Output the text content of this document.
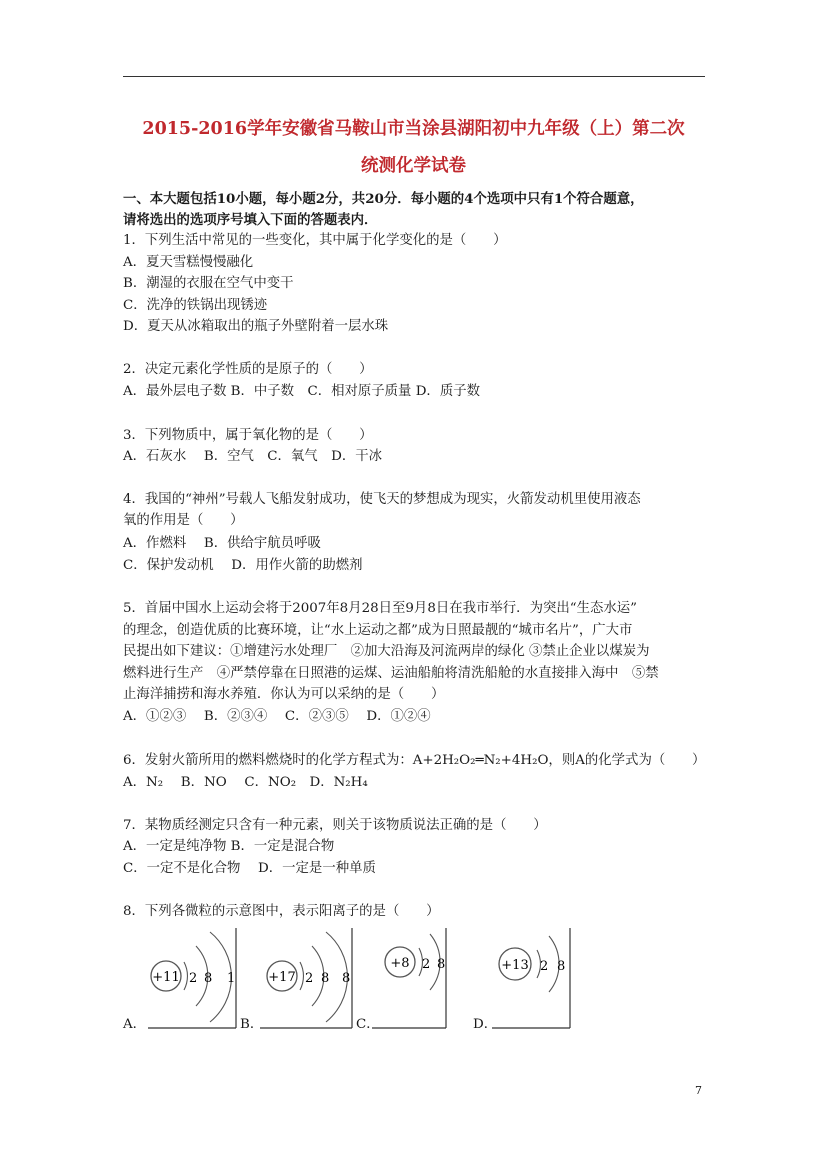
2015-2016学年安徽省马鞍山市当涂县湖阳初中九年级（上）第二次
统测化学试卷
一、本大题包括10小题，每小题2分，共20分．每小题的4个选项中只有1个符合题意，
请将选出的选项序号填入下面的答题表内．
1．下列生活中常见的一些变化，其中属于化学变化的是（　　）
A．夏天雪糕慢慢融化
B．潮湿的衣服在空气中变干
C．洗净的铁锅出现锈迹
D．夏天从冰箱取出的瓶子外壁附着一层水珠
2．决定元素化学性质的是原子的（　　）
A．最外层电子数 B．中子数　C．相对原子质量 D．质子数
3．下列物质中，属于氧化物的是（　　）
A．石灰水　 B．空气　C．氧气　D．干冰
4．我国的“神州”号载人飞船发射成功，使飞天的梦想成为现实，火箭发动机里使用液态
氧的作用是（　　）
A．作燃料　 B．供给宇航员呼吸
C．保护发动机　 D．用作火箭的助燃剂
5．首届中国水上运动会将于2007年8月28日至9月8日在我市举行．为突出“生态水运”
的理念，创造优质的比赛环境，让“水上运动之都”成为日照最靓的“城市名片”，广大市
民提出如下建议：①增建污水处理厂　②加大沿海及河流两岸的绿化 ③禁止企业以煤炭为
燃料进行生产　④严禁停靠在日照港的运煤、运油船舶将清洗船舱的水直接排入海中　⑤禁
止海洋捕捞和海水养殖．你认为可以采纳的是（　　）
A．①②③　 B．②③④　 C．②③⑤　 D．①②④
6．发射火箭所用的燃料燃烧时的化学方程式为：A+2H₂O₂═N₂+4H₂O，则A的化学式为（　　）
A．N₂　 B．NO　 C．NO₂　D．N₂H₄
7．某物质经测定只含有一种元素，则关于该物质说法正确的是（　　）
A．一定是纯净物 B．一定是混合物
C．一定不是化合物　 D．一定是一种单质
8．下列各微粒的示意图中，表示阳离子的是（　　）
+11 2 8 1	+17 2 8 8
+8 2 8	+13 2 8
A．	B．	C．	D．
7
